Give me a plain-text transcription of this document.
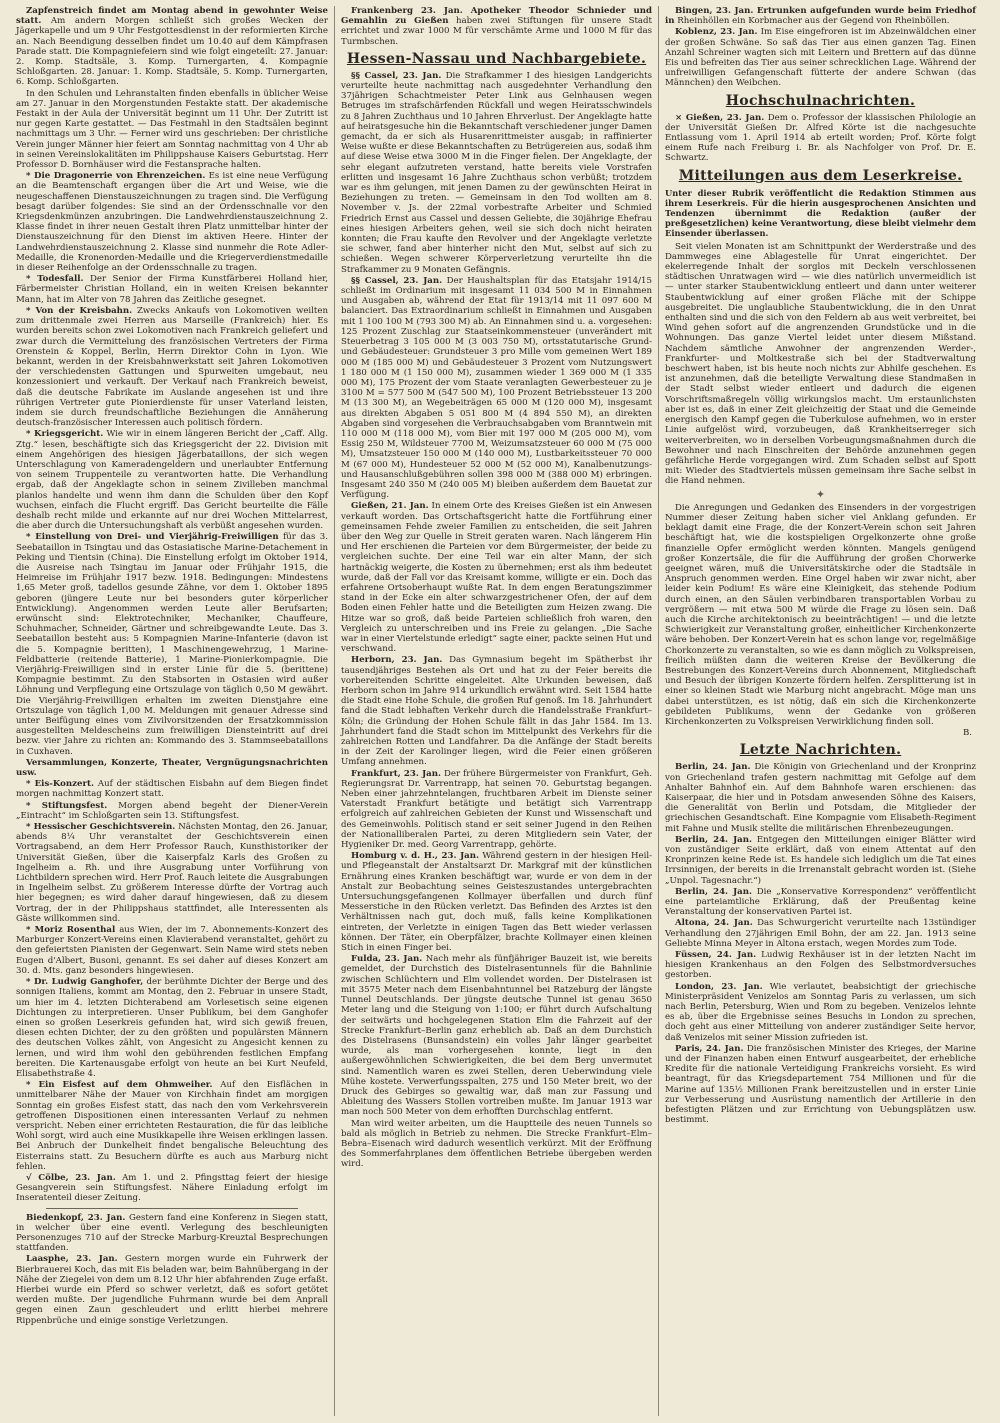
Zapfenstreich findet am Montag abend in gewohnter Weise statt. Am andern Morgen schließt sich großes Wecken der Jägerkapelle und um 9 Uhr Festgottesdienst in der reformierten Kirche an. Nach Beendigung desselben findet um 10.40 auf dem Kämpfrasen Parade statt. Die Kompagniefeiern sind wie folgt eingeteilt: 27. Januar: 2. Komp. Stadtsäle, 3. Komp. Turnergarten, 4. Kompagnie Schloßgarten. 28. Januar: 1. Komp. Stadtsäle, 5. Komp. Turnergarten, 6. Komp. Schloßgarten.

In den Schulen und Lehranstalten finden ebenfalls in üblicher Weise am 27. Januar in den Morgenstunden Festakte statt. Der akademische Festakt in der Aula der Universität beginnt um 11 Uhr. Der Zutritt ist nur gegen Karte gestattet. — Das Festmahl in den Stadtsälen beginnt nachmittags um 3 Uhr. — Ferner wird uns geschrieben: Der christliche Verein junger Männer hier feiert am Sonntag nachmittag von 4 Uhr ab in seinen Vereinslokalitäten im Philippshause Kaisers Geburtstag. Herr Professor D. Bornhäuser wird die Festansprache halten.

* Die Dragonerrie von Ehrenzeichen. Es ist eine neue Verfügung an die Beamtenschaft ergangen über die Art und Weise, wie die neugeschaffenen Dienstauszeichnungen zu tragen sind. Die Verfügung besagt darüber folgendes: Sie sind an der Ordensschnalle vor den Kriegsdenkmünzen anzubringen. Die Landwehrdienstauszeichnung 2. Klasse findet in ihrer neuen Gestalt ihren Platz unmittelbar hinter der Dienstauszeichnung für den Dienst im aktiven Heere. Hinter der Landwehrdienstauszeichnung 2. Klasse sind nunmehr die Rote Adler-Medaille, die Kronenorden-Medaille und die Kriegerverdienstmedaille in dieser Reihenfolge an der Ordensschnalle zu tragen.

* Todesfall. Der Senior der Firma Kunstfärberei Holland hier, Färbermeister Christian Holland, ein in weiten Kreisen bekannter Mann, hat im Alter von 78 Jahren das Zeitliche gesegnet.

* Von der Kreisbahn. Zwecks Ankaufs von Lokomotiven weilten zum drittenmale zwei Herren aus Marseille (Frankreich) hier. Es wurden bereits schon zwei Lokomotiven nach Frankreich geliefert und zwar durch die Vermittelung des französischen Vertreters der Firma Orenstein & Koppel, Berlin, Herrn Direktor Cohn in Lyon. Wie bekannt, werden in der Kreisbahnwerkstatt seit Jahren Lokomotiven der verschiedensten Gattungen und Spurweiten umgebaut, neu konzessioniert und verkauft. Der Verkauf nach Frankreich beweist, daß die deutsche Fabrikate im Auslande angesehen ist und ihre rührigen Vertreter gute Pionierdienste für unser Vaterland leisten, indem sie durch freundschaftliche Beziehungen die Annäherung deutsch-französischer Interessen auch politisch fördern.

* Kriegsgericht. Wie wir in einem längeren Bericht der „Caff. Allg. Ztg.“ lesen, beschäftigte sich das Kriegsgericht der 22. Division mit einem Angehörigen des hiesigen Jägerbataillons, der sich wegen Unterschlagung von Kameradengeldern und unerlaubter Entfernung von seinem Truppenteile zu verantworten hatte. Die Verhandlung ergab, daß der Angeklagte schon in seinem Zivilleben manchmal planlos handelte und wenn ihm dann die Schulden über den Kopf wuchsen, einfach die Flucht ergriff. Das Gericht beurteilte die Fälle deshalb recht milde und erkannte auf nur drei Wochen Mittelarrest, die aber durch die Untersuchungshaft als verbüßt angesehen wurden.

* Einstellung von Drei- und Vierjährig-Freiwilligen für das 3. Seebataillon in Tsingtau und das Ostasiatische Marine-Detachement in Peking und Tientsin (China). Die Einstellung erfolgt im Oktober 1914, die Ausreise nach Tsingtau im Januar oder Frühjahr 1915, die Heimreise im Frühjahr 1917 bezw. 1918. Bedingungen: Mindestens 1,65 Meter groß, tadellos gesunde Zähne, vor dem 1. Oktober 1895 geboren (jüngere Leute nur bei besonders guter körperlicher Entwicklung). Angenommen werden Leute aller Berufsarten; erwünscht sind: Elektrotechniker, Mechaniker, Chauffeure, Schuhmacher, Schneider, Gärtner und schreibgewandte Leute. Das 3. Seebataillon besteht aus: 5 Kompagnien Marine-Infanterie (davon ist die 5. Kompagnie beritten), 1 Maschinengewehrzug, 1 Marine-Feldbatterie (reitende Batterie), 1 Marine-Pionierkompagnie. Die Vierjährig-Freiwilligen sind in erster Linie für die 5. (berittene) Kompagnie bestimmt. Zu den Stabsorten in Ostasien wird außer Löhnung und Verpflegung eine Ortszulage von täglich 0,50 M gewährt. Die Vierjährig-Freiwilligen erhalten im zweiten Dienstjahre eine Ortszulage von täglich 1,00 M. Meldungen mit genauer Adresse sind unter Beifügung eines vom Zivilvorsitzenden der Ersatzkommission ausgestellten Meldescheins zum freiwilligen Diensteintritt auf drei bezw. vier Jahre zu richten an: Kommando des 3. Stammseebataillons in Cuxhaven.

Versammlungen, Konzerte, Theater, Vergnügungsnachrichten usw.

* Eis-Konzert. Auf der städtischen Eisbahn auf dem Biegen findet morgen nachmittag Konzert statt.

* Stiftungsfest. Morgen abend begeht der Diener-Verein „Eintracht“ im Schloßgarten sein 13. Stiftungsfest.

* Hessischer Geschichtsverein. Nächsten Montag, den 26. Januar, abends 8¼ Uhr veranstaltet der Geschichtsverein einen Vortragsabend, an dem Herr Professor Rauch, Kunsthistoriker der Universität Gießen, über die Kaiserpfalz Karls des Großen zu Ingelheim a. Rh. und ihre Ausgrabung unter Vorführung von Lichtbildern sprechen wird. Herr Prof. Rauch leitete die Ausgrabungen in Ingelheim selbst. Zu größerem Interesse dürfte der Vortrag auch hier begegnen; es wird daher darauf hingewiesen, daß zu diesem Vortrag, der in der Philippshaus stattfindet, alle Interessenten als Gäste willkommen sind.

* Moriz Rosenthal aus Wien, der im 7. Abonnements-Konzert des Marburger Konzert-Vereins einen Klavierabend veranstaltet, gehört zu den gefeiertsten Pianisten der Gegenwart. Sein Name wird stets neben Eugen d'Albert, Busoni, genannt. Es sei daher auf dieses Konzert am 30. d. Mts. ganz besonders hingewiesen.

* Dr. Ludwig Ganghofer, der berühmte Dichter der Berge und des sonnigen Italiens, kommt am Montag, den 2. Februar in unsere Stadt, um hier im 4. letzten Dichterabend am Vorlesetisch seine eigenen Dichtungen zu interpretieren. Unser Publikum, bei dem Ganghofer einen so großen Leserkreis gefunden hat, wird sich gewiß freuen, diesen echten Dichter, der zu den größten und populärsten Männern des deutschen Volkes zählt, von Angesicht zu Angesicht kennen zu lernen, und wird ihm wohl den gebührenden festlichen Empfang bereiten. Die Kartenausgabe erfolgt von heute an bei Kurt Neufeld, Elisabethstraße 4.

* Ein Eisfest auf dem Ohmweiher. Auf den Eisflächen in unmittelbarer Nähe der Mauer von Kirchhain findet am morgigen Sonntag ein großes Eisfest statt, das nach den vom Verkehrsverein getroffenen Dispositionen einen interessanten Verlauf zu nehmen verspricht. Neben einer errichteten Restauration, die für das leibliche Wohl sorgt, wird auch eine Musikkapelle ihre Weisen erklingen lassen. Bei Anbruch der Dunkelheit findet bengalische Beleuchtung des Eisterrains statt. Zu Besuchern dürfte es auch aus Marburg nicht fehlen.

√ Cölbe, 23. Jan. Am 1. und 2. Pfingsttag feiert der hiesige Gesangverein sein Stiftungsfest. Nähere Einladung erfolgt im Inseratenteil dieser Zeitung.

Biedenkopf, 23. Jan. Gestern fand eine Konferenz in Siegen statt, in welcher über eine eventl. Verlegung des beschleunigten Personenzuges 710 auf der Strecke Marburg-Kreuztal Besprechungen stattfanden.

Laasphe, 23. Jan. Gestern morgen wurde ein Fuhrwerk der Bierbrauerei Koch, das mit Eis beladen war, beim Bahnübergang in der Nähe der Ziegelei von dem um 8.12 Uhr hier abfahrenden Zuge erfaßt. Hierbei wurde ein Pferd so schwer verletzt, daß es sofort getötet werden mußte. Der jugendliche Fuhrmann wurde bei dem Anprall gegen einen Zaun geschleudert und erlitt hierbei mehrere Rippenbrüche und einige sonstige Verletzungen.

Frankenberg 23. Jan. Apotheker Theodor Schnieder und Gemahlin zu Gießen haben zwei Stiftungen für unsere Stadt errichtet und zwar 1000 M für verschämte Arme und 1000 M für das Turmbschen.

Hessen-Nassau und Nachbargebiete.

§§ Cassel, 23. Jan. Die Strafkammer I des hiesigen Landgerichts verurteilte heute nachmittag nach ausgedehnter Verhandlung den 37jährigen Schachtmeister Peter Link aus Gelnhausen wegen Betruges im strafschärfenden Rückfall und wegen Heiratsschwindels zu 8 Jahren Zuchthaus und 10 Jahren Ehrverlust. Der Angeklagte hatte auf heiratsgesuche hin die Bekanntschaft verschiedener junger Damen gemacht, da er sich als Husarenrittmeister ausgab; in raffinierter Weise wußte er diese Bekanntschaften zu Betrügereien aus, sodaß ihm auf diese Weise etwa 3000 M in die Finger fielen. Der Angeklagte, der sehr elegant aufzutreten verstand, hatte bereits viele Vorstrafen erlitten und insgesamt 16 Jahre Zuchthaus schon verbüßt; trotzdem war es ihm gelungen, mit jenen Damen zu der gewünschten Heirat in Beziehungen zu treten. — Gemeinsam in den Tod wollten am 8. November v. Js. der 22mal vorbestrafte Arbeiter und Schmied Friedrich Ernst aus Cassel und dessen Geliebte, die 30jährige Ehefrau eines hiesigen Arbeiters gehen, weil sie sich doch nicht heiraten konnten; die Frau kaufte den Revolver und der Angeklagte verletzte sie schwer, fand aber hinterher nicht den Mut, selbst auf sich zu schießen. Wegen schwerer Körperverletzung verurteilte ihn die Strafkammer zu 9 Monaten Gefängnis.

§§ Cassel, 23. Jan. Der Haushaltsplan für das Etatsjahr 1914/15 schließt im Ordinarium mit insgesamt 11 034 500 M in Einnahmen und Ausgaben ab, während der Etat für 1913/14 mit 11 097 600 M balanciert. Das Extraordinarium schließt in Einnahmen und Ausgaben mit 1 100 100 M (793 300 M) ab. An Einnahmen sind u. a. vorgesehen: 125 Prozent Zuschlag zur Staatseinkommensteuer (unverändert mit Steuerbetrag 3 105 000 M (3 003 750 M), ortsstatutarische Grund- und Gebäudesteuer: Grundsteuer 3 pro Mille vom gemeinen Wert 189 000 M (185 000 M) und Gebäudesteuer 3 Prozent vom Nutzungswert 1 180 000 M (1 150 000 M), zusammen wieder 1 369 000 M (1 335 000 M), 175 Prozent der vom Staate veranlagten Gewerbesteuer zu je 3100 M = 577 500 M (547 500 M), 100 Prozent Betriebssteuer 13 200 M (13 300 M), an Wegebeiträgen 65 000 M (120 000 M), insgesamt aus direkten Abgaben 5 051 800 M (4 894 550 M), an direkten Abgaben sind vorgesehen die Verbrauchsabgaben vom Branntwein mit 110 000 M (118 000 M), vom Bier mit 197 000 M (205 000 M), vom Essig 250 M, Wildsteuer 7700 M, Weizumsatzsteuer 60 000 M (75 000 M), Umsatzsteuer 150 000 M (140 000 M), Lustbarkeitssteuer 70 000 M (67 000 M), Hundesteuer 52 000 M (52 000 M), Kanalbenutzungs- und Hausanschlußgebühren sollen 398 000 M (388 000 M) erbringen. Insgesamt 240 350 M (240 005 M) bleiben außerdem dem Bauetat zur Verfügung.

Gießen, 21. Jan. In einem Orte des Kreises Gießen ist ein Anwesen verkauft worden. Das Ortschaftsgericht hatte die Fortführung einer gemeinsamen Fehde zweier Familien zu entscheiden, die seit Jahren über den Weg zur Quelle in Streit geraten waren. Nach längerem Hin und Her erschienen die Parteien vor dem Bürgermeister, der beide zu vergleichen suchte. Der eine Teil war ein alter Mann, der sich hartnäckig weigerte, die Kosten zu übernehmen; erst als ihm bedeutet wurde, daß der Fall vor das Kreisamt komme, willigte er ein. Doch das erfahrene Ortsoberhaupt wußte Rat. In dem engen Beratungszimmer stand in der Ecke ein alter schwarzgestrichener Ofen, der auf dem Boden einen Fehler hatte und die Beteiligten zum Heizen zwang. Die Hitze war so groß, daß beide Parteien schließlich froh waren, den Vergleich zu unterschreiben und ins Freie zu gelangen. „Die Sache war in einer Viertelstunde erledigt“ sagte einer, packte seinen Hut und verschwand.

Herborn, 23. Jan. Das Gymnasium begeht im Spätherbst ihr tausendjähriges Bestehen als Ort und hat zu der Feier bereits die vorbereitenden Schritte eingeleitet. Alte Urkunden beweisen, daß Herborn schon im Jahre 914 urkundlich erwähnt wird. Seit 1584 hatte die Stadt eine Hohe Schule, die großen Ruf genoß. Im 18. Jahrhundert fand die Stadt lebhaften Verkehr durch die Handelsstraße Frankfurt–Köln; die Gründung der Hohen Schule fällt in das Jahr 1584. Im 13. Jahrhundert fand die Stadt schon im Mittelpunkt des Verkehrs für die zahlreichen Rotten und Landfahrer. Da die Anfänge der Stadt bereits in der Zeit der Karolinger liegen, wird die Feier einen größeren Umfang annehmen.

Frankfurt, 23. Jan. Der frühere Bürgermeister von Frankfurt, Geh. Regierungsrat Dr. Varrentrapp, hat seinen 70. Geburtstag begangen. Neben einer jahrzehntelangen, fruchtbaren Arbeit im Dienste seiner Vaterstadt Frankfurt betätigte und betätigt sich Varrentrapp erfolgreich auf zahlreichen Gebieten der Kunst und Wissenschaft und des Gemeinwohls. Politisch stand er seit seiner Jugend in den Reihen der Nationalliberalen Partei, zu deren Mitgliedern sein Vater, der Hygieniker Dr. med. Georg Varrentrapp, gehörte.

Homburg v. d. H., 23. Jan. Während gestern in der hiesigen Heil- und Pflegeanstalt der Anstaltsarzt Dr. Markgraf mit der künstlichen Ernährung eines Kranken beschäftigt war, wurde er von dem in der Anstalt zur Beobachtung seines Geisteszustandes untergebrachten Untersuchungsgefangenen Kollmayer überfallen und durch fünf Messerstiche in den Rücken verletzt. Das Befinden des Arztes ist den Verhältnissen nach gut, doch muß, falls keine Komplikationen eintreten, der Verletzte in einigen Tagen das Bett wieder verlassen können. Der Täter, ein Oberpfälzer, brachte Kollmayer einen kleinen Stich in einen Finger bei.

Fulda, 23. Jan. Nach mehr als fünfjähriger Bauzeit ist, wie bereits gemeldet, der Durchstich des Distelrasentunnels für die Bahnlinie zwischen Schlüchtern und Elm vollendet worden. Der Distelrasen ist mit 3575 Meter nach dem Eisenbahntunnel bei Ratzeburg der längste Tunnel Deutschlands. Der jüngste deutsche Tunnel ist genau 3650 Meter lang und die Steigung von 1:100; er führt durch Aufschaltung der seitwärts und hochgelegenen Station Elm die Fahrzeit auf der Strecke Frankfurt–Berlin ganz erheblich ab. Daß an dem Durchstich des Distelrasens (Bunsandstein) ein volles Jahr länger gearbeitet wurde, als man vorhergesehen konnte, liegt in den außergewöhnlichen Schwierigkeiten, die bei dem Berg unvermutet sind. Namentlich waren es zwei Stellen, deren Ueberwindung viele Mühe kostete. Verwerfungsspalten, 275 und 150 Meter breit, wo der Druck des Gebirges so gewaltig war, daß man zur Fassung und Ableitung des Wassers Stollen vortreiben mußte. Im Januar 1913 war man noch 500 Meter von dem erhofften Durchschlag entfernt.

Man wird weiter arbeiten, um die Hauptteile des neuen Tunnels so bald als möglich in Betrieb zu nehmen. Die Strecke Frankfurt–Elm–Bebra–Eisenach wird dadurch wesentlich verkürzt. Mit der Eröffnung des Sommerfahrplanes dem öffentlichen Betriebe übergeben werden wird.

Bingen, 23. Jan. Ertrunken aufgefunden wurde beim Friedhof in Rheinhöllen ein Korbmacher aus der Gegend von Rheinböllen.

Koblenz, 23. Jan. Im Eise eingefroren ist im Abzeinwäldchen einer der großen Schwäne. So saß das Tier aus einen ganzen Tag. Einen Anzahl Schreiner wagten sich mit Leitern und Brettern auf das dünne Eis und befreiten das Tier aus seiner schrecklichen Lage. Während der unfreiwilligen Gefangenschaft fütterte der andere Schwan (das Männchen) den Weibchen.

Hochschulnachrichten.

× Gießen, 23. Jan. Dem o. Professor der klassischen Philologie an der Universität Gießen Dr. Alfred Körte ist die nachgesuchte Entlassung vom 1. April 1914 ab erteilt worden; Prof. Körte folgt einem Rufe nach Freiburg i. Br. als Nachfolger von Prof. Dr. E. Schwartz.

Mitteilungen aus dem Leserkreise.
Unter dieser Rubrik veröffentlicht die Redaktion Stimmen aus ihrem Leserkreis. Für die hierin ausgesprochenen Ansichten und Tendenzen übernimmt die Redaktion (außer der preßgesetzlichen) keine Verantwortung, diese bleibt vielmehr dem Einsender überlassen.

Seit vielen Monaten ist am Schnittpunkt der Werderstraße und des Dammweges eine Ablagestelle für Unrat eingerichtet. Der ekelerregende Inhalt der sorglos mit Deckeln verschlossenen städtischen Unratwagen wird — wie dies natürlich unvermeidlich ist — unter starker Staubentwicklung entleert und dann unter weiterer Staubentwicklung auf einer großen Fläche mit der Schippe ausgebreitet. Die unglaubliche Staubentwicklung, die in den Unrat enthalten sind und die sich von den Feldern ab aus weit verbreitet, bei Wind gehen sofort auf die angrenzenden Grundstücke und in die Wohnungen. Das ganze Viertel leidet unter diesem Mißstand. Nachdem sämtliche Anwohner der angrenzenden Werder-, Frankfurter- und Moltkestraße sich bei der Stadtverwaltung beschwert haben, ist bis heute noch nichts zur Abhilfe geschehen. Es ist anzunehmen, daß die beteiligte Verwaltung diese Standmaßen in der Stadt selbst wieder entleert und dadurch die eigenen Vorschriftsmaßregeln völlig wirkungslos macht. Um erstaunlichsten aber ist es, daß in einer Zeit gleichzeitig der Staat und die Gemeinde energisch den Kampf gegen die Tuberkulose aufnehmen, wo in erster Linie aufgelöst wird, vorzubeugen, daß Krankheitserreger sich weiterverbreiten, wo in derselben Vorbeugungsmaßnahmen durch die Bewohner und nach Einschreiten der Behörde anzunehmen gegen gefährliche Herde vorgegangen wird. Zum Schaden selbst auf Spott mit: Wieder des Stadtviertels müssen gemeinsam ihre Sache selbst in die Hand nehmen.

✦

Die Anregungen und Gedanken des Einsenders in der vorgestrigen Nummer dieser Zeitung haben sicher viel Anklang gefunden. Er beklagt damit eine Frage, die der Konzert-Verein schon seit Jahren beschäftigt hat, wie die kostspieligen Orgelkonzerte ohne große finanzielle Opfer ermöglicht werden könnten. Mangels genügend großer Konzertsäle, die für die Aufführung der großen Chorwerke geeignet wären, muß die Universitätskirche oder die Stadtsäle in Anspruch genommen werden. Eine Orgel haben wir zwar nicht, aber leider kein Podium! Es wäre eine Kleinigkeit, das stehende Podium durch einen, an den Säulen verbindbaren transportablen Vorbau zu vergrößern — mit etwa 500 M würde die Frage zu lösen sein. Daß auch die Kirche architektonisch zu beeinträchtigen! — und die letzte Schwierigkeit zur Veranstaltung großer, einheitlicher Kirchenkonzerte wäre behoben. Der Konzert-Verein hat es schon lange vor, regelmäßige Chorkonzerte zu veranstalten, so wie es dann möglich zu Volkspreisen, freilich müßten dann die weiteren Kreise der Bevölkerung die Bestrebungen des Konzert-Vereins durch Abonnement, Mitgliedschaft und Besuch der übrigen Konzerte fördern helfen. Zersplitterung ist in einer so kleinen Stadt wie Marburg nicht angebracht. Möge man uns dabei unterstützen, es ist nötig, daß ein sich die Kirchenkonzerte gebildeten Publikums, wenn der Gedanke von größeren Kirchenkonzerten zu Volkspreisen Verwirklichung finden soll.

B.
Letzte Nachrichten.

Berlin, 24. Jan. Die Königin von Griechenland und der Kronprinz von Griechenland trafen gestern nachmittag mit Gefolge auf dem Anhalter Bahnhof ein. Auf dem Bahnhofe waren erschienen: das Kaiserpaar, die hier und in Potsdam anwesenden Söhne des Kaisers, die Generalität von Berlin und Potsdam, die Mitglieder der griechischen Gesandtschaft. Eine Kompagnie vom Elisabeth-Regiment mit Fahne und Musik stellte die militärischen Ehrenbezeugungen.

Berlin, 24. Jan. Entgegen den Mitteilungen einiger Blätter wird von zuständiger Seite erklärt, daß von einem Attentat auf den Kronprinzen keine Rede ist. Es handele sich lediglich um die Tat eines Irrsinnigen, der bereits in die Irrenanstalt gebracht worden ist. (Siehe „Unpol. Tagesnachr.“)

Berlin, 24. Jan. Die „Konservative Korrespondenz“ veröffentlicht eine parteiamtliche Erklärung, daß der Preußentag keine Veranstaltung der konservativen Partei ist.

Altona, 24. Jan. Das Schwurgericht verurteilte nach 13stündiger Verhandlung den 27jährigen Emil Bohn, der am 22. Jan. 1913 seine Geliebte Minna Meyer in Altona erstach, wegen Mordes zum Tode.

Füssen, 24. Jan. Ludwig Rexhäuser ist in der letzten Nacht im hiesigen Krankenhaus an den Folgen des Selbstmordversuches gestorben.

London, 23. Jan. Wie verlautet, beabsichtigt der griechische Ministerpräsident Venizelos am Sonntag Paris zu verlassen, um sich nach Berlin, Petersburg, Wien und Rom zu begeben. Venizelos lehnte es ab, über die Ergebnisse seines Besuchs in London zu sprechen, doch geht aus einer Mitteilung von anderer zuständiger Seite hervor, daß Venizelos mit seiner Mission zufrieden ist.

Paris, 24. Jan. Die französischen Minister des Krieges, der Marine und der Finanzen haben einen Entwurf ausgearbeitet, der erhebliche Kredite für die nationale Verteidigung Frankreichs vorsieht. Es wird beantragt, für das Kriegsdepartement 754 Millionen und für die Marine auf 135½ Millionen Frank bereitzustellen und in erster Linie zur Verbesserung und Ausrüstung namentlich der Artillerie in den befestigten Plätzen und zur Errichtung von Uebungsplätzen usw. bestimmt.
